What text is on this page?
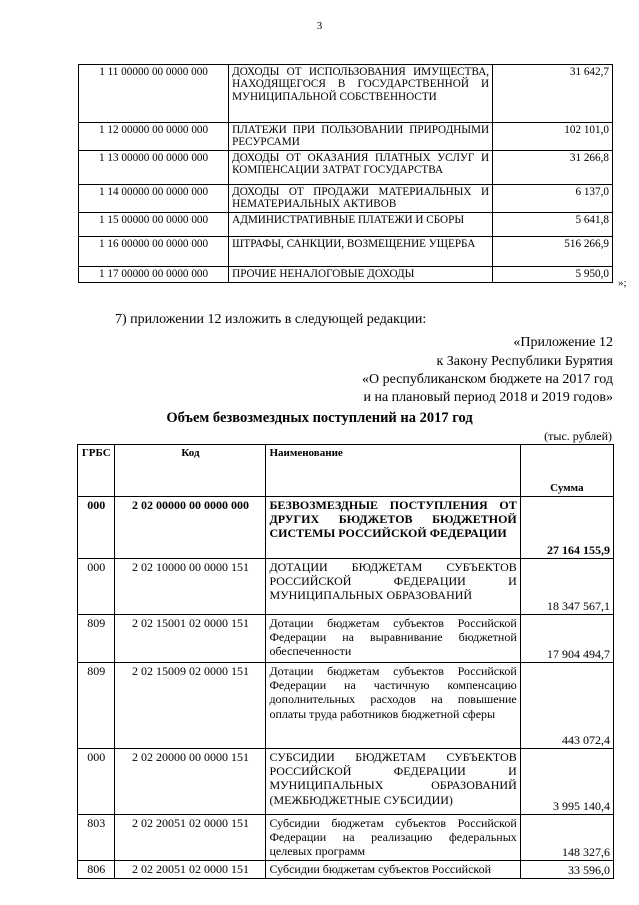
3
1 11 00000 00 0000 000	ДОХОДЫ ОТ ИСПОЛЬЗОВАНИЯ ИМУЩЕСТВА, НАХОДЯЩЕГОСЯ В ГОСУДАРСТВЕННОЙ И МУНИЦИПАЛЬНОЙ СОБСТВЕННОСТИ	31 642,7
1 12 00000 00 0000 000	ПЛАТЕЖИ ПРИ ПОЛЬЗОВАНИИ ПРИРОДНЫМИ РЕСУРСАМИ	102 101,0
1 13 00000 00 0000 000	ДОХОДЫ ОТ ОКАЗАНИЯ ПЛАТНЫХ УСЛУГ И КОМПЕНСАЦИИ ЗАТРАТ ГОСУДАРСТВА	31 266,8
1 14 00000 00 0000 000	ДОХОДЫ ОТ ПРОДАЖИ МАТЕРИАЛЬНЫХ И НЕМАТЕРИАЛЬНЫХ АКТИВОВ	6 137,0
1 15 00000 00 0000 000	АДМИНИСТРАТИВНЫЕ ПЛАТЕЖИ И СБОРЫ	5 641,8
1 16 00000 00 0000 000	ШТРАФЫ, САНКЦИИ, ВОЗМЕЩЕНИЕ УЩЕРБА	516 266,9
1 17 00000 00 0000 000	ПРОЧИЕ НЕНАЛОГОВЫЕ ДОХОДЫ	5 950,0
»;
7) приложении 12 изложить в следующей редакции:
«Приложение 12
к Закону Республики Бурятия
«О республиканском бюджете на 2017 год
и на плановый период 2018 и 2019 годов»
Объем безвозмездных поступлений на 2017 год
(тыс. рублей)
ГРБС	Код	Наименование	Сумма
000	2 02 00000 00 0000 000	БЕЗВОЗМЕЗДНЫЕ ПОСТУПЛЕНИЯ ОТ ДРУГИХ БЮДЖЕТОВ БЮДЖЕТНОЙ СИСТЕМЫ РОССИЙСКОЙ ФЕДЕРАЦИИ	27 164 155,9
000	2 02 10000 00 0000 151	ДОТАЦИИ БЮДЖЕТАМ СУБЪЕКТОВ РОССИЙСКОЙ ФЕДЕРАЦИИ И МУНИЦИПАЛЬНЫХ ОБРАЗОВАНИЙ	18 347 567,1
809	2 02 15001 02 0000 151	Дотации бюджетам субъектов Российской Федерации на выравнивание бюджетной обеспеченности	17 904 494,7
809	2 02 15009 02 0000 151	Дотации бюджетам субъектов Российской Федерации на частичную компенсацию дополнительных расходов на повышение оплаты труда работников бюджетной сферы	443 072,4
000	2 02 20000 00 0000 151	СУБСИДИИ БЮДЖЕТАМ СУБЪЕКТОВ РОССИЙСКОЙ ФЕДЕРАЦИИ И МУНИЦИПАЛЬНЫХ ОБРАЗОВАНИЙ (МЕЖБЮДЖЕТНЫЕ СУБСИДИИ)	3 995 140,4
803	2 02 20051 02 0000 151	Субсидии бюджетам субъектов Российской Федерации на реализацию федеральных целевых программ	148 327,6
806	2 02 20051 02 0000 151	Субсидии бюджетам субъектов Российской	33 596,0
